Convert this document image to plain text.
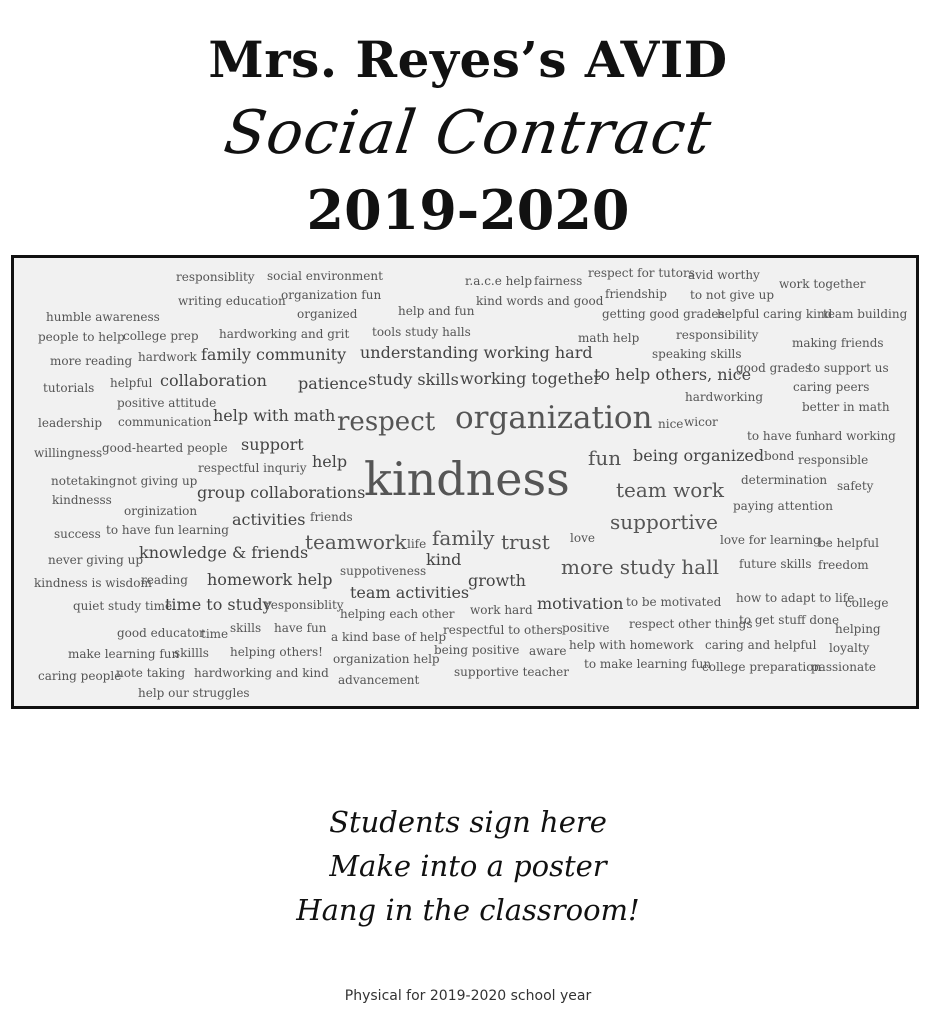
Mrs. Reyes’s AVID
Social Contract
2019-2020
responsiblity social environment	r.a.c.e help fairness
respect for tutors
avid worthy
work together
writing education
organization fun	kind words and good friendship to not give up
humble awareness	organized	help and fun	getting good grades
helpful caring kind
team building
people to help
college prep hardworking and grit tools study halls	math help	responsibility
making friends
more reading hardwork family community understanding working hard	speaking skills
good grades
to support us
tutorials helpful collaboration patience study skills working together
to help others, nice
caring peers
positive attitude	hardworking
better in math
leadership communication help with math respect organization nice wicor
to have fun
hard working
willingness good-hearted people support
help kindness fun being organized bond responsible
respectful inquriy
determination safety
notetaking not giving up
group collaborations	team work
kindnesss
orginization	paying attention
activities friends	supportive
success to have fun learning	teamwork life family trust love	love for learning
be helpful
never giving up
knowledge & friends	kind	future skills freedom
suppotiveness	more study hall
kindness is wisdom
reading homework help	growth
team activities	how to adapt to life
college
quiet study time
time to study
responsiblity	motivation to be motivated
helping each other work hard
to get stuff done
respect other things
good educator
time skills have fun	respectful to others positive	helping
a kind base of help
help with homework caring and helpful loyalty
make learning fun
skillls helping others!	being positive aware
organization help	to make learning fun
college preparation
passionate
caring people
note taking hardworking and kind	supportive teacher
advancement
help our struggles
Students sign here
Make into a poster
Hang in the classroom!
Physical for 2019-2020 school year
